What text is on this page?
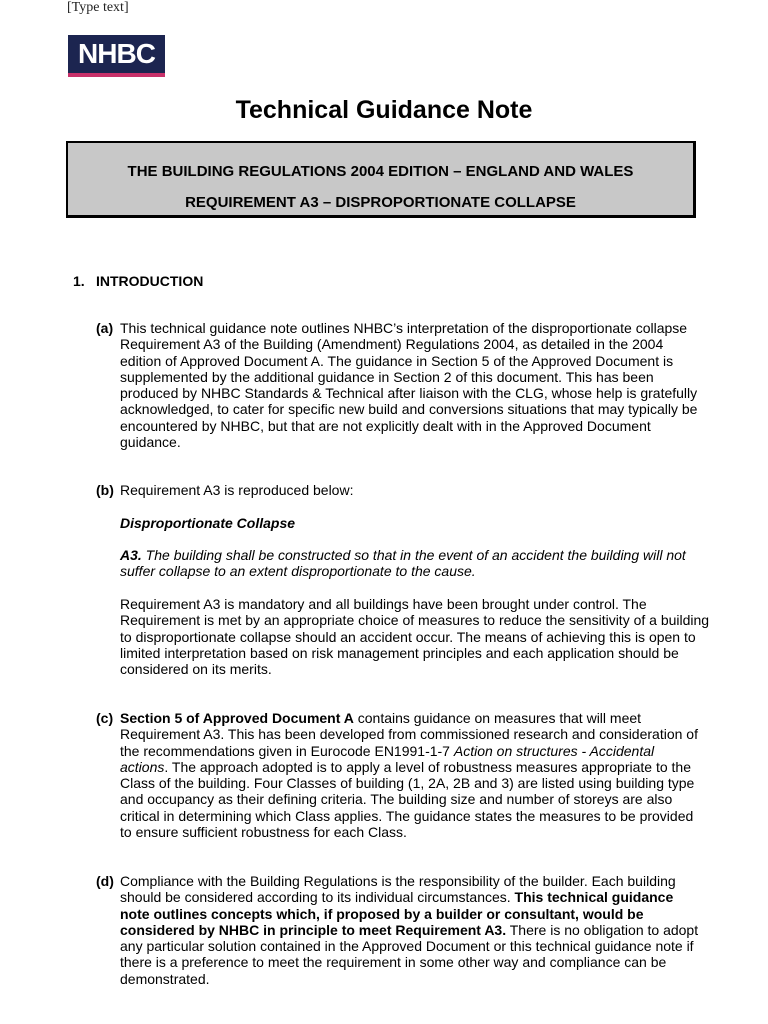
[Type text]
NHBC
Technical Guidance Note
THE BUILDING REGULATIONS 2004 EDITION – ENGLAND AND WALES
REQUIREMENT A3 – DISPROPORTIONATE COLLAPSE
1. INTRODUCTION
(a) This technical guidance note outlines NHBC’s interpretation of the disproportionate collapse Requirement A3 of the Building (Amendment) Regulations 2004, as detailed in the 2004 edition of Approved Document A. The guidance in Section 5 of the Approved Document is supplemented by the additional guidance in Section 2 of this document. This has been produced by NHBC Standards & Technical after liaison with the CLG, whose help is gratefully acknowledged, to cater for specific new build and conversions situations that may typically be encountered by NHBC, but that are not explicitly dealt with in the Approved Document guidance.
(b) Requirement A3 is reproduced below:
Disproportionate Collapse
A3. The building shall be constructed so that in the event of an accident the building will not suffer collapse to an extent disproportionate to the cause.
Requirement A3 is mandatory and all buildings have been brought under control. The Requirement is met by an appropriate choice of measures to reduce the sensitivity of a building to disproportionate collapse should an accident occur. The means of achieving this is open to limited interpretation based on risk management principles and each application should be considered on its merits.
(c) Section 5 of Approved Document A contains guidance on measures that will meet Requirement A3. This has been developed from commissioned research and consideration of the recommendations given in Eurocode EN1991-1-7 Action on structures - Accidental actions. The approach adopted is to apply a level of robustness measures appropriate to the Class of the building. Four Classes of building (1, 2A, 2B and 3) are listed using building type and occupancy as their defining criteria. The building size and number of storeys are also critical in determining which Class applies. The guidance states the measures to be provided to ensure sufficient robustness for each Class.
(d) Compliance with the Building Regulations is the responsibility of the builder. Each building should be considered according to its individual circumstances. This technical guidance note outlines concepts which, if proposed by a builder or consultant, would be considered by NHBC in principle to meet Requirement A3. There is no obligation to adopt any particular solution contained in the Approved Document or this technical guidance note if there is a preference to meet the requirement in some other way and compliance can be demonstrated.
